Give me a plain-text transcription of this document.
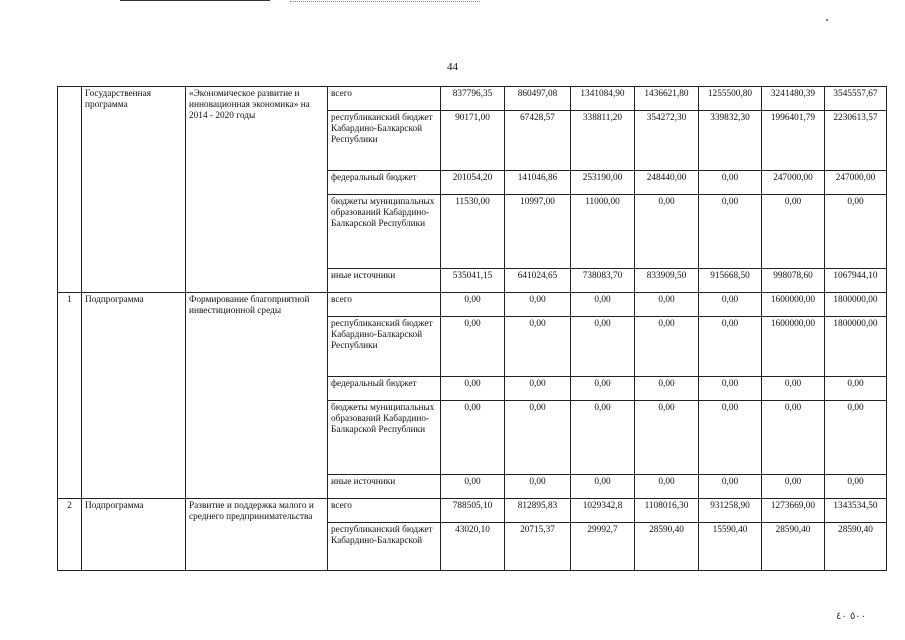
44
	Государственная программа	«Экономическое развитие и инновационная экономика» на 2014 - 2020 годы	всего	837796,35	860497,08	1341084,90	1436621,80	1255500,80	3241480,39	3545557,67
			республиканский бюджет Кабардино-Балкарской Республики	90171,00	67428,57	338811,20	354272,30	339832,30	1996401,79	2230613,57
			федеральный бюджет	201054,20	141046,86	253190,00	248440,00	0,00	247000,00	247000,00
			бюджеты муниципальных образований Кабардино-Балкарской Республики	11530,00	10997,00	11000,00	0,00	0,00	0,00	0,00
			иные источники	535041,15	641024,65	738083,70	833909,50	915668,50	998078,60	1067944,10
1	Подпрограмма	Формирование благоприятной инвестиционной среды	всего	0,00	0,00	0,00	0,00	0,00	1600000,00	1800000,00
			республиканский бюджет Кабардино-Балкарской Республики	0,00	0,00	0,00	0,00	0,00	1600000,00	1800000,00
			федеральный бюджет	0,00	0,00	0,00	0,00	0,00	0,00	0,00
			бюджеты муниципальных образований Кабардино-Балкарской Республики	0,00	0,00	0,00	0,00	0,00	0,00	0,00
			иные источники	0,00	0,00	0,00	0,00	0,00	0,00	0,00
2	Подпрограмма	Развитие и поддержка малого и среднего предпринимательства	всего	788505,10	812895,83	1029342,8	1108016,30	931258,90	1273669,00	1343534,50
			республиканский бюджет Кабардино-Балкарской	43020,10	20715,37	29992,7	28590,40	15590,40	28590,40	28590,40
٥٠٠ ٤٠
